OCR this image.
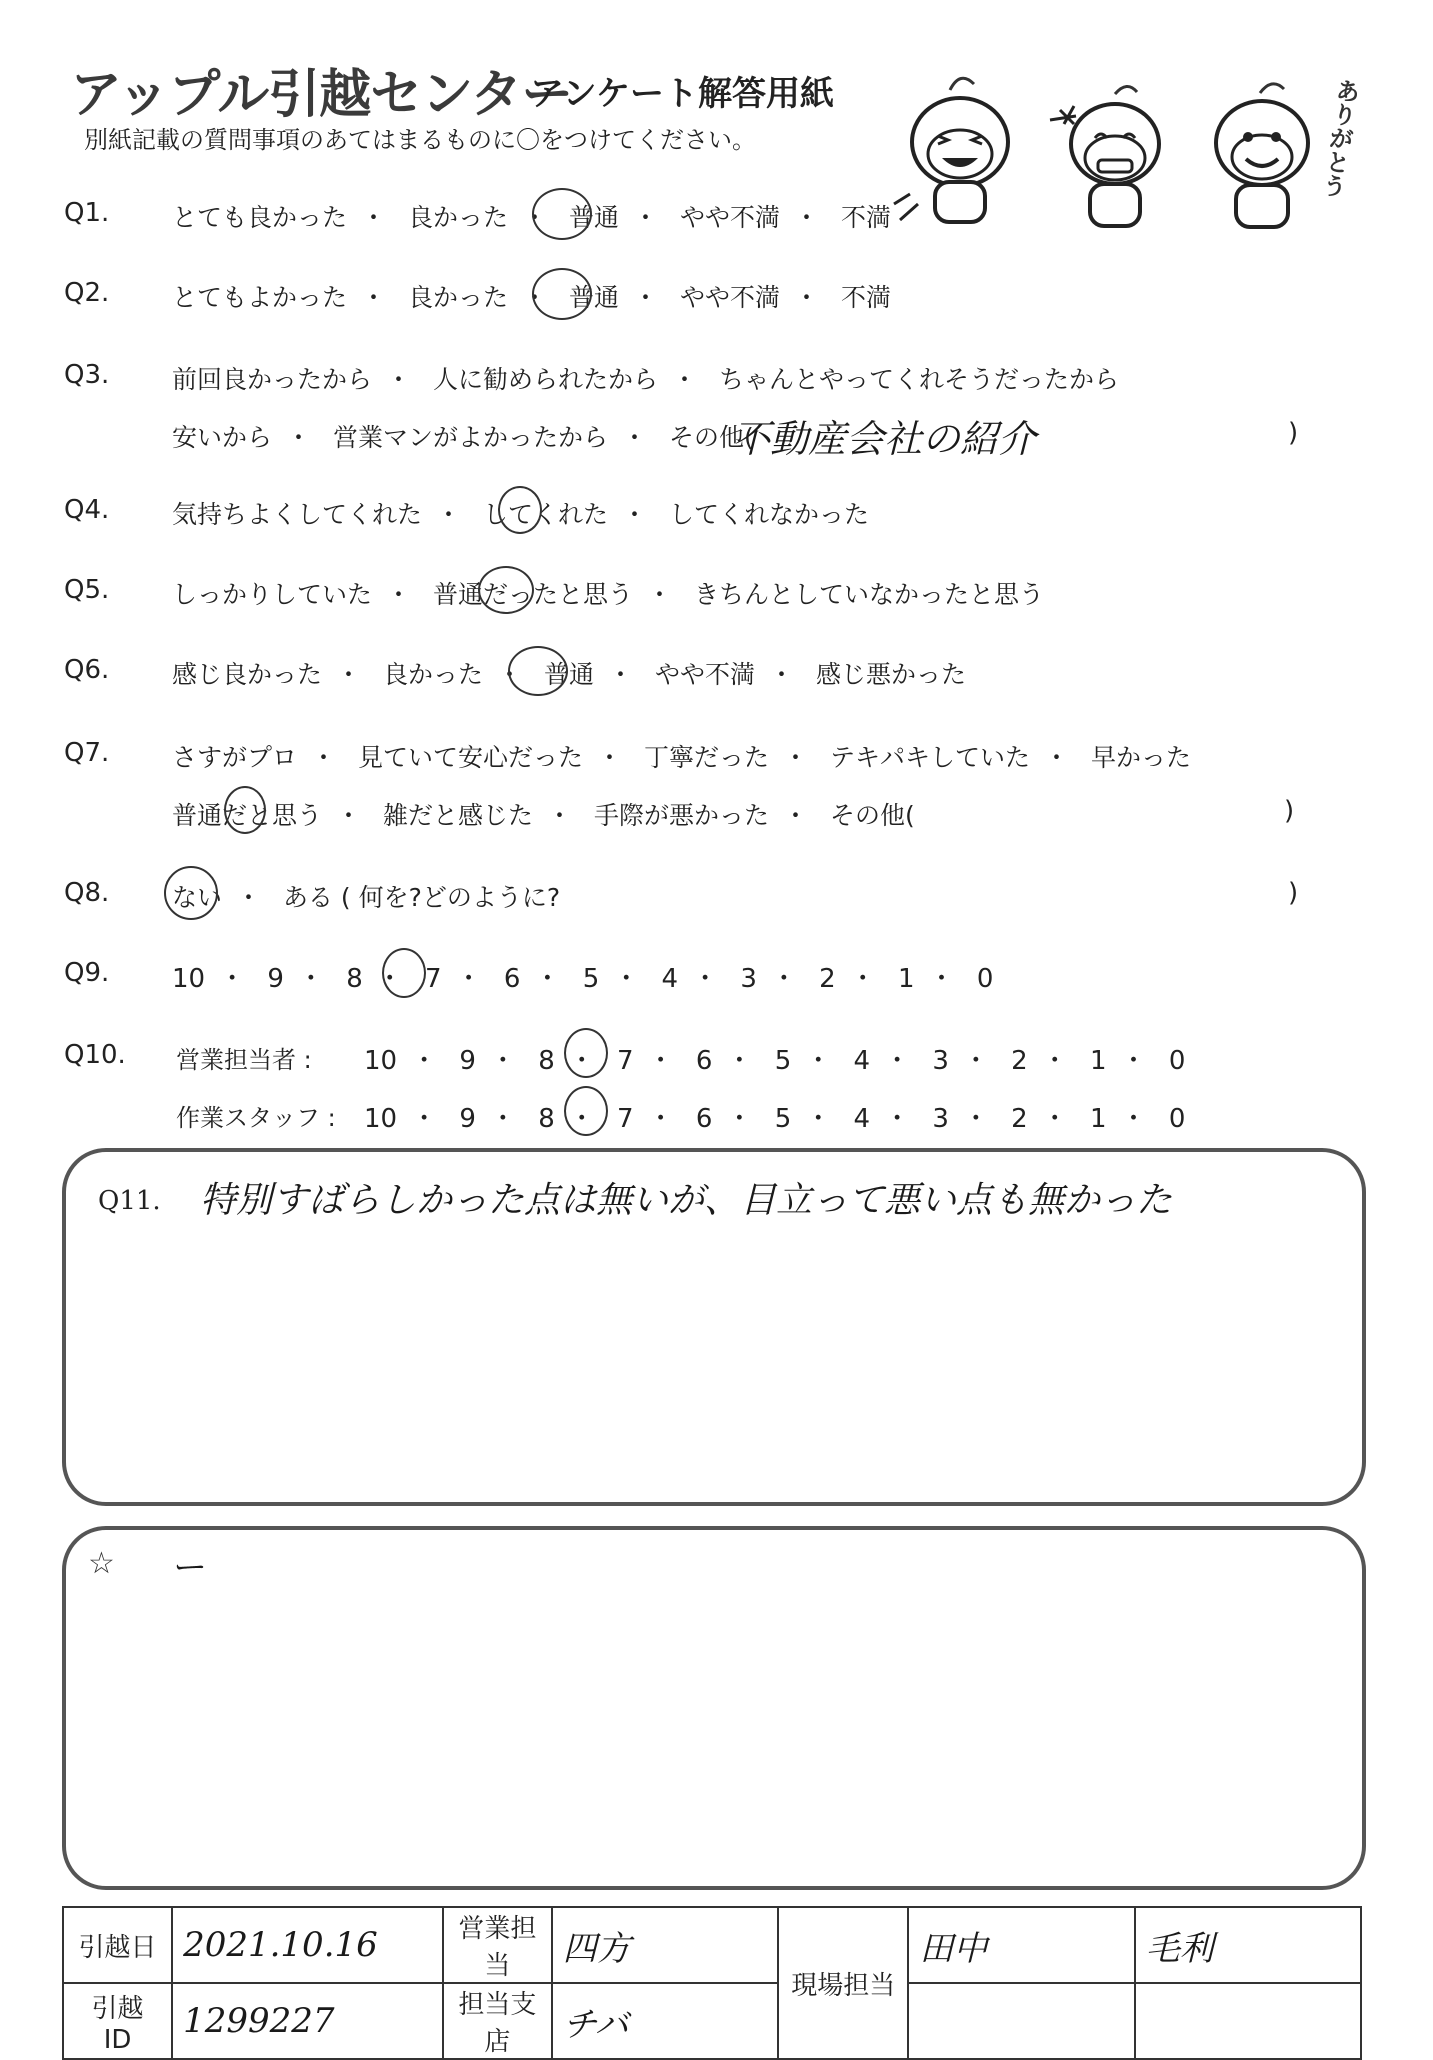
アップル引越センター
アンケート解答用紙
別紙記載の質問事項のあてはまるものに〇をつけてください。	ありがとう
Q1.	とても良かった ・ 良かった ・ 普通 ・ やや不満 ・ 不満
Q2.	とてもよかった ・ 良かった ・ 普通 ・ やや不満 ・ 不満
Q3.	前回良かったから ・ 人に勧められたから ・ ちゃんとやってくれそうだったから
安いから ・ 営業マンがよかったから ・ その他(
不動産会社の紹介	)
Q4.	気持ちよくしてくれた ・ してくれた ・ してくれなかった
Q5.	しっかりしていた ・ 普通だったと思う ・ きちんとしていなかったと思う
Q6.	感じ良かった ・ 良かった ・ 普通 ・ やや不満 ・ 感じ悪かった
Q7.	さすがプロ ・ 見ていて安心だった ・ 丁寧だった ・ テキパキしていた ・ 早かった
普通だと思う ・ 雑だと感じた ・ 手際が悪かった ・ その他(	)
Q8.	ない ・ ある ( 何を?どのように?	)
Q9. 10 ・ 9 ・ 8 ・ 7 ・ 6 ・ 5 ・ 4 ・ 3 ・ 2 ・ 1 ・ 0
Q10. 営業担当者 : 10 ・ 9 ・ 8 ・ 7 ・ 6 ・ 5 ・ 4 ・ 3 ・ 2 ・ 1 ・ 0
作業スタッフ : 10 ・ 9 ・ 8 ・ 7 ・ 6 ・ 5 ・ 4 ・ 3 ・ 2 ・ 1 ・ 0
Q11. 特別すばらしかった点は無いが、目立って悪い点も無かった
☆ ー
引越日	2021.10.16	営業担当	四方	現場担当	田中	毛利
引越 ID	1299227	担当支店	チバ			
